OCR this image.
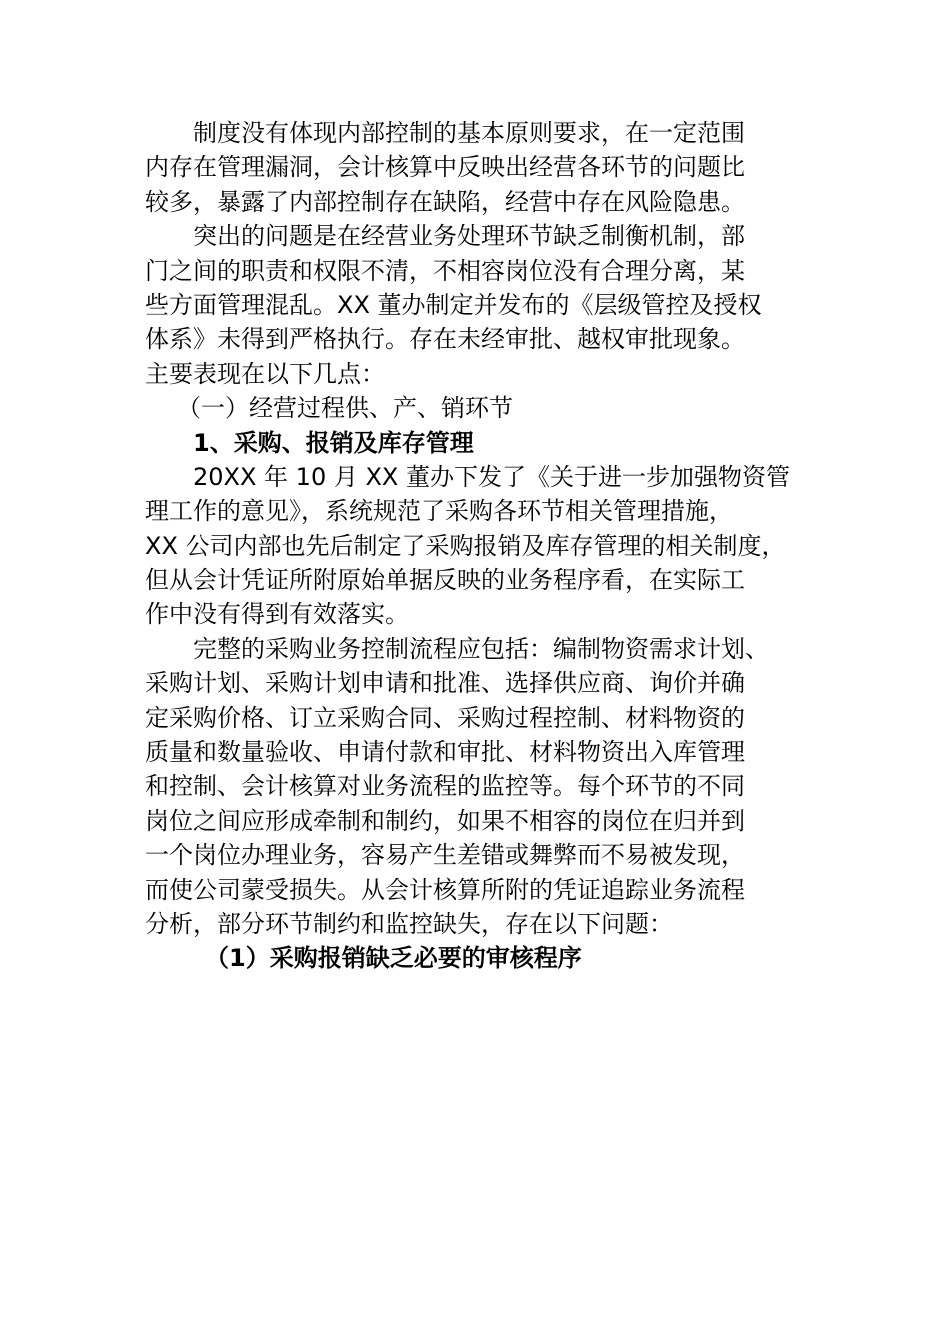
制度没有体现内部控制的基本原则要求，在一定范围
内存在管理漏洞，会计核算中反映出经营各环节的问题比
较多，暴露了内部控制存在缺陷，经营中存在风险隐患。
突出的问题是在经营业务处理环节缺乏制衡机制，部
门之间的职责和权限不清，不相容岗位没有合理分离，某
些方面管理混乱。XX 董办制定并发布的《层级管控及授权
体系》未得到严格执行。存在未经审批、越权审批现象。
主要表现在以下几点：
（一）经营过程供、产、销环节
1、采购、报销及库存管理
20XX 年 10 月 XX 董办下发了《关于进一步加强物资管
理工作的意见》，系统规范了采购各环节相关管理措施，
XX 公司内部也先后制定了采购报销及库存管理的相关制度，
但从会计凭证所附原始单据反映的业务程序看，在实际工
作中没有得到有效落实。
完整的采购业务控制流程应包括：编制物资需求计划、
采购计划、采购计划申请和批准、选择供应商、询价并确
定采购价格、订立采购合同、采购过程控制、材料物资的
质量和数量验收、申请付款和审批、材料物资出入库管理
和控制、会计核算对业务流程的监控等。每个环节的不同
岗位之间应形成牵制和制约，如果不相容的岗位在归并到
一个岗位办理业务，容易产生差错或舞弊而不易被发现，
而使公司蒙受损失。从会计核算所附的凭证追踪业务流程
分析，部分环节制约和监控缺失，存在以下问题：
（1）采购报销缺乏必要的审核程序
